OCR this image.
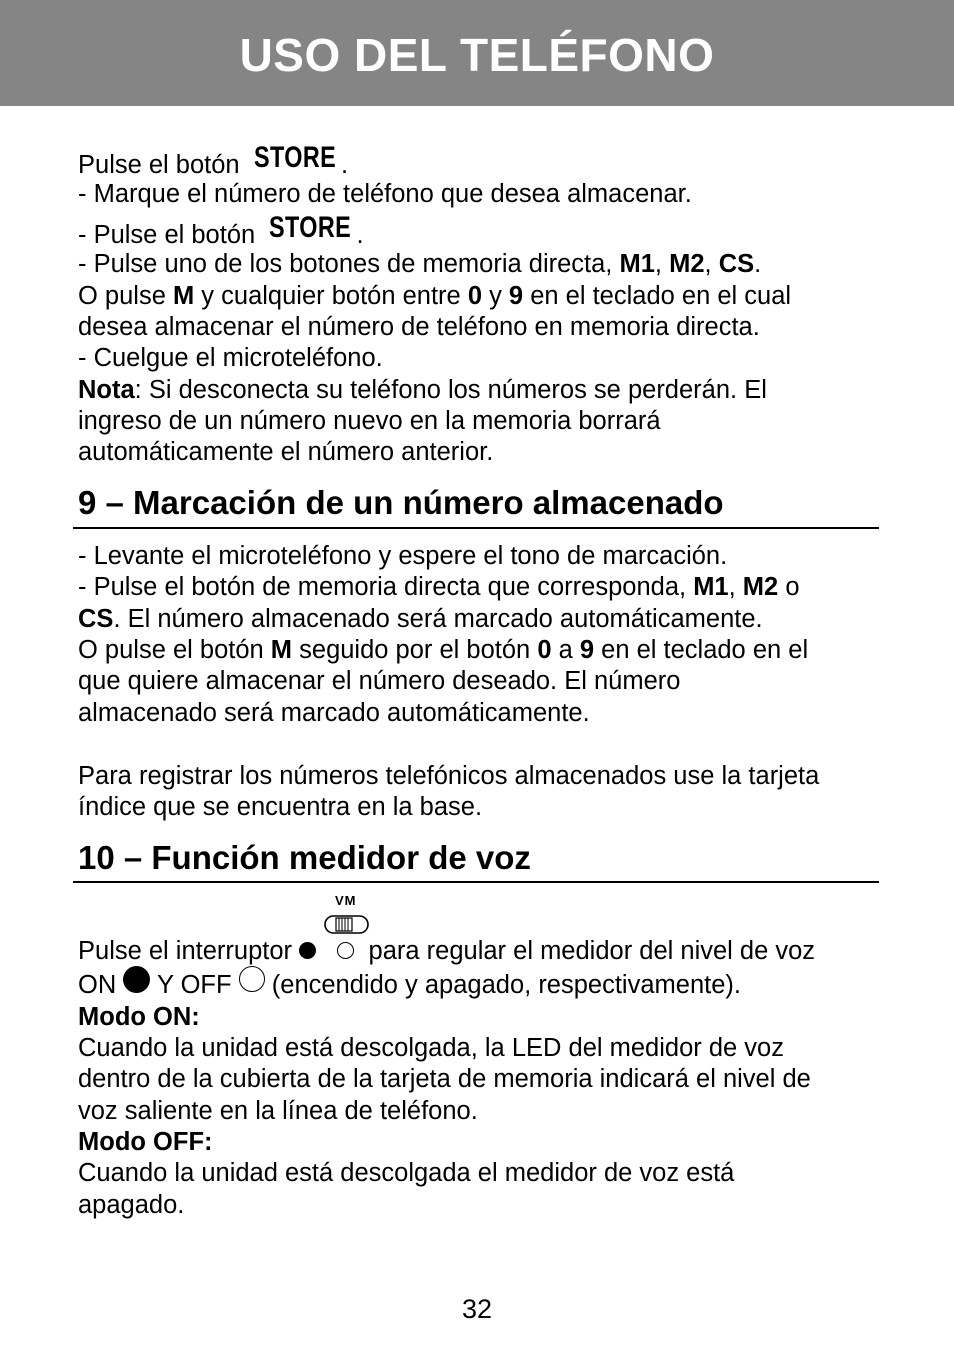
USO DEL TELÉFONO
Pulse el botón STORE .
- Marque el número de teléfono que desea almacenar.
- Pulse el botón STORE .
- Pulse uno de los botones de memoria directa, M1, M2, CS.
O pulse M y cualquier botón entre 0 y 9 en el teclado en el cual
desea almacenar el número de teléfono en memoria directa.
- Cuelgue el microteléfono.
Nota: Si desconecta su teléfono los números se perderán. El
ingreso de un número nuevo en la memoria borrará
automáticamente el número anterior.
9 – Marcación de un número almacenado
- Levante el microteléfono y espere el tono de marcación.
- Pulse el botón de memoria directa que corresponda, M1, M2 o
CS. El número almacenado será marcado automáticamente.
O pulse el botón M seguido por el botón 0 a 9 en el teclado en el
que quiere almacenar el número deseado. El número
almacenado será marcado automáticamente.
Para registrar los números telefónicos almacenados use la tarjeta
índice que se encuentra en la base.
10 – Función medidor de voz
VM
Pulse el interruptor      para regular el medidor del nivel de voz
ON  Y OFF  (encendido y apagado, respectivamente).
Modo ON:
Cuando la unidad está descolgada, la LED del medidor de voz
dentro de la cubierta de la tarjeta de memoria indicará el nivel de
voz saliente en la línea de teléfono.
Modo OFF:
Cuando la unidad está descolgada el medidor de voz está
apagado.
32
